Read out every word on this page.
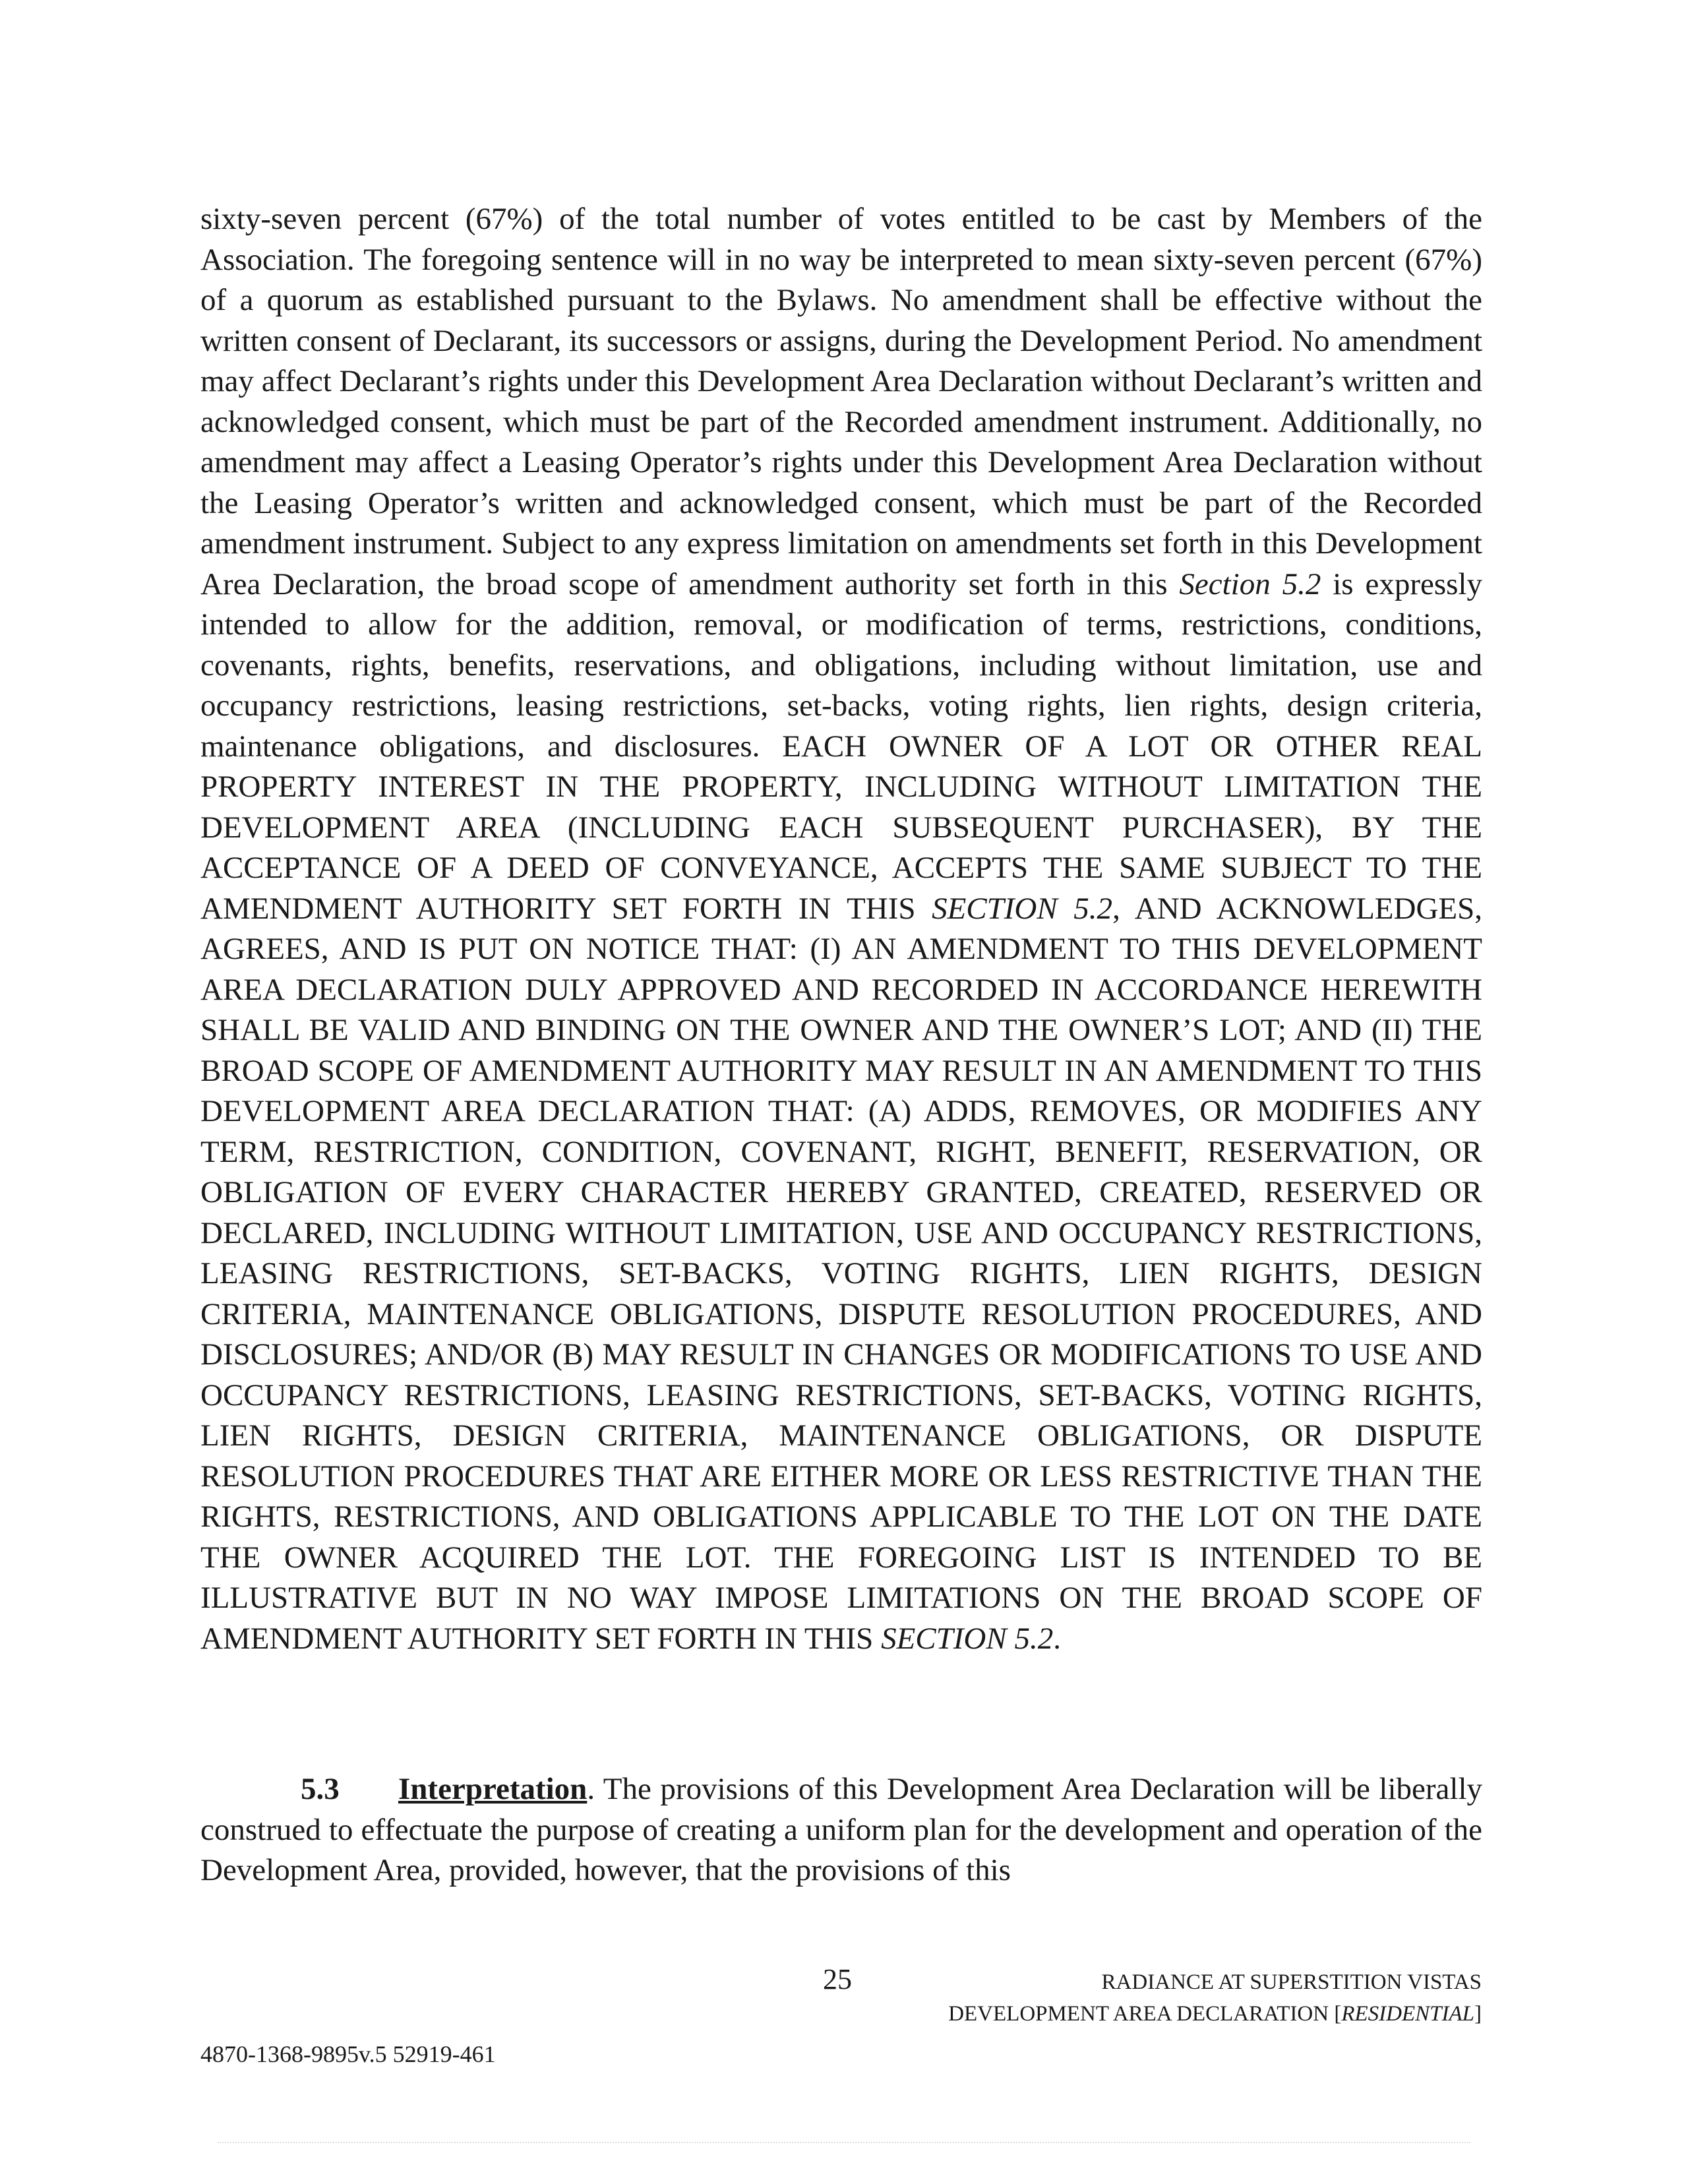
sixty-seven percent (67%) of the total number of votes entitled to be cast by Members of the Association. The foregoing sentence will in no way be interpreted to mean sixty-seven percent (67%) of a quorum as established pursuant to the Bylaws. No amendment shall be effective without the written consent of Declarant, its successors or assigns, during the Development Period. No amendment may affect Declarant’s rights under this Development Area Declaration without Declarant’s written and acknowledged consent, which must be part of the Recorded amendment instrument. Additionally, no amendment may affect a Leasing Operator’s rights under this Development Area Declaration without the Leasing Operator’s written and acknowledged consent, which must be part of the Recorded amendment instrument. Subject to any express limitation on amendments set forth in this Development Area Declaration, the broad scope of amendment authority set forth in this Section 5.2 is expressly intended to allow for the addition, removal, or modification of terms, restrictions, conditions, covenants, rights, benefits, reservations, and obligations, including without limitation, use and occupancy restrictions, leasing restrictions, set-backs, voting rights, lien rights, design criteria, maintenance obligations, and disclosures. EACH OWNER OF A LOT OR OTHER REAL PROPERTY INTEREST IN THE PROPERTY, INCLUDING WITHOUT LIMITATION THE DEVELOPMENT AREA (INCLUDING EACH SUBSEQUENT PURCHASER), BY THE ACCEPTANCE OF A DEED OF CONVEYANCE, ACCEPTS THE SAME SUBJECT TO THE AMENDMENT AUTHORITY SET FORTH IN THIS SECTION 5.2, AND ACKNOWLEDGES, AGREES, AND IS PUT ON NOTICE THAT: (I) AN AMENDMENT TO THIS DEVELOPMENT AREA DECLARATION DULY APPROVED AND RECORDED IN ACCORDANCE HEREWITH SHALL BE VALID AND BINDING ON THE OWNER AND THE OWNER’S LOT; AND (II) THE BROAD SCOPE OF AMENDMENT AUTHORITY MAY RESULT IN AN AMENDMENT TO THIS DEVELOPMENT AREA DECLARATION THAT: (A) ADDS, REMOVES, OR MODIFIES ANY TERM, RESTRICTION, CONDITION, COVENANT, RIGHT, BENEFIT, RESERVATION, OR OBLIGATION OF EVERY CHARACTER HEREBY GRANTED, CREATED, RESERVED OR DECLARED, INCLUDING WITHOUT LIMITATION, USE AND OCCUPANCY RESTRICTIONS, LEASING RESTRICTIONS, SET-BACKS, VOTING RIGHTS, LIEN RIGHTS, DESIGN CRITERIA, MAINTENANCE OBLIGATIONS, DISPUTE RESOLUTION PROCEDURES, AND DISCLOSURES; AND/OR (B) MAY RESULT IN CHANGES OR MODIFICATIONS TO USE AND OCCUPANCY RESTRICTIONS, LEASING RESTRICTIONS, SET-BACKS, VOTING RIGHTS, LIEN RIGHTS, DESIGN CRITERIA, MAINTENANCE OBLIGATIONS, OR DISPUTE RESOLUTION PROCEDURES THAT ARE EITHER MORE OR LESS RESTRICTIVE THAN THE RIGHTS, RESTRICTIONS, AND OBLIGATIONS APPLICABLE TO THE LOT ON THE DATE THE OWNER ACQUIRED THE LOT. THE FOREGOING LIST IS INTENDED TO BE ILLUSTRATIVE BUT IN NO WAY IMPOSE LIMITATIONS ON THE BROAD SCOPE OF AMENDMENT AUTHORITY SET FORTH IN THIS SECTION 5.2.
5.3 Interpretation. The provisions of this Development Area Declaration will be liberally construed to effectuate the purpose of creating a uniform plan for the development and operation of the Development Area, provided, however, that the provisions of this
25	RADIANCE AT SUPERSTITION VISTAS
DEVELOPMENT AREA DECLARATION [RESIDENTIAL]
4870-1368-9895v.5 52919-461
